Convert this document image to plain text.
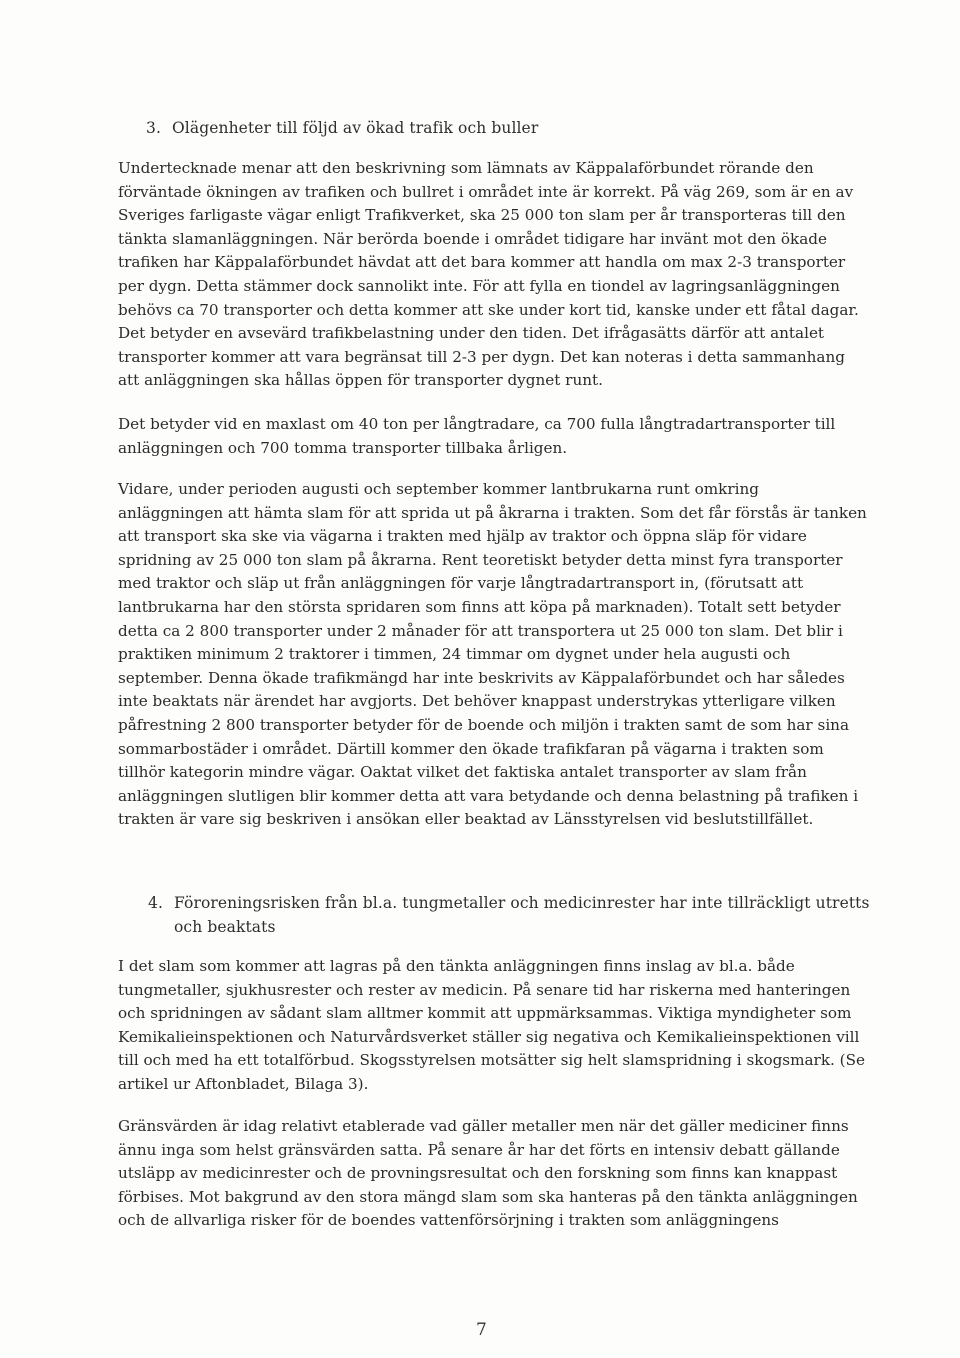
3. Olägenheter till följd av ökad trafik och buller
Undertecknade menar att den beskrivning som lämnats av Käppalaförbundet rörande den
förväntade ökningen av trafiken och bullret i området inte är korrekt. På väg 269, som är en av
Sveriges farligaste vägar enligt Trafikverket, ska 25 000 ton slam per år transporteras till den
tänkta slamanläggningen. När berörda boende i området tidigare har invänt mot den ökade
trafiken har Käppalaförbundet hävdat att det bara kommer att handla om max 2-3 transporter
per dygn. Detta stämmer dock sannolikt inte. För att fylla en tiondel av lagringsanläggningen
behövs ca 70 transporter och detta kommer att ske under kort tid, kanske under ett fåtal dagar.
Det betyder en avsevärd trafikbelastning under den tiden. Det ifrågasätts därför att antalet
transporter kommer att vara begränsat till 2-3 per dygn. Det kan noteras i detta sammanhang
att anläggningen ska hållas öppen för transporter dygnet runt.
Det betyder vid en maxlast om 40 ton per långtradare, ca 700 fulla långtradartransporter till
anläggningen och 700 tomma transporter tillbaka årligen.
Vidare, under perioden augusti och september kommer lantbrukarna runt omkring
anläggningen att hämta slam för att sprida ut på åkrarna i trakten. Som det får förstås är tanken
att transport ska ske via vägarna i trakten med hjälp av traktor och öppna släp för vidare
spridning av 25 000 ton slam på åkrarna. Rent teoretiskt betyder detta minst fyra transporter
med traktor och släp ut från anläggningen för varje långtradartransport in, (förutsatt att
lantbrukarna har den största spridaren som finns att köpa på marknaden). Totalt sett betyder
detta ca 2 800 transporter under 2 månader för att transportera ut 25 000 ton slam. Det blir i
praktiken minimum 2 traktorer i timmen, 24 timmar om dygnet under hela augusti och
september. Denna ökade trafikmängd har inte beskrivits av Käppalaförbundet och har således
inte beaktats när ärendet har avgjorts. Det behöver knappast understrykas ytterligare vilken
påfrestning 2 800 transporter betyder för de boende och miljön i trakten samt de som har sina
sommarbostäder i området. Därtill kommer den ökade trafikfaran på vägarna i trakten som
tillhör kategorin mindre vägar. Oaktat vilket det faktiska antalet transporter av slam från
anläggningen slutligen blir kommer detta att vara betydande och denna belastning på trafiken i
trakten är vare sig beskriven i ansökan eller beaktad av Länsstyrelsen vid beslutstillfället.
4. Föroreningsrisken från bl.a. tungmetaller och medicinrester har inte tillräckligt utretts
och beaktats
I det slam som kommer att lagras på den tänkta anläggningen finns inslag av bl.a. både
tungmetaller, sjukhusrester och rester av medicin. På senare tid har riskerna med hanteringen
och spridningen av sådant slam alltmer kommit att uppmärksammas. Viktiga myndigheter som
Kemikalieinspektionen och Naturvårdsverket ställer sig negativa och Kemikalieinspektionen vill
till och med ha ett totalförbud. Skogsstyrelsen motsätter sig helt slamspridning i skogsmark. (Se
artikel ur Aftonbladet, Bilaga 3).
Gränsvärden är idag relativt etablerade vad gäller metaller men när det gäller mediciner finns
ännu inga som helst gränsvärden satta. På senare år har det förts en intensiv debatt gällande
utsläpp av medicinrester och de provningsresultat och den forskning som finns kan knappast
förbises. Mot bakgrund av den stora mängd slam som ska hanteras på den tänkta anläggningen
och de allvarliga risker för de boendes vattenförsörjning i trakten som anläggningens
7
